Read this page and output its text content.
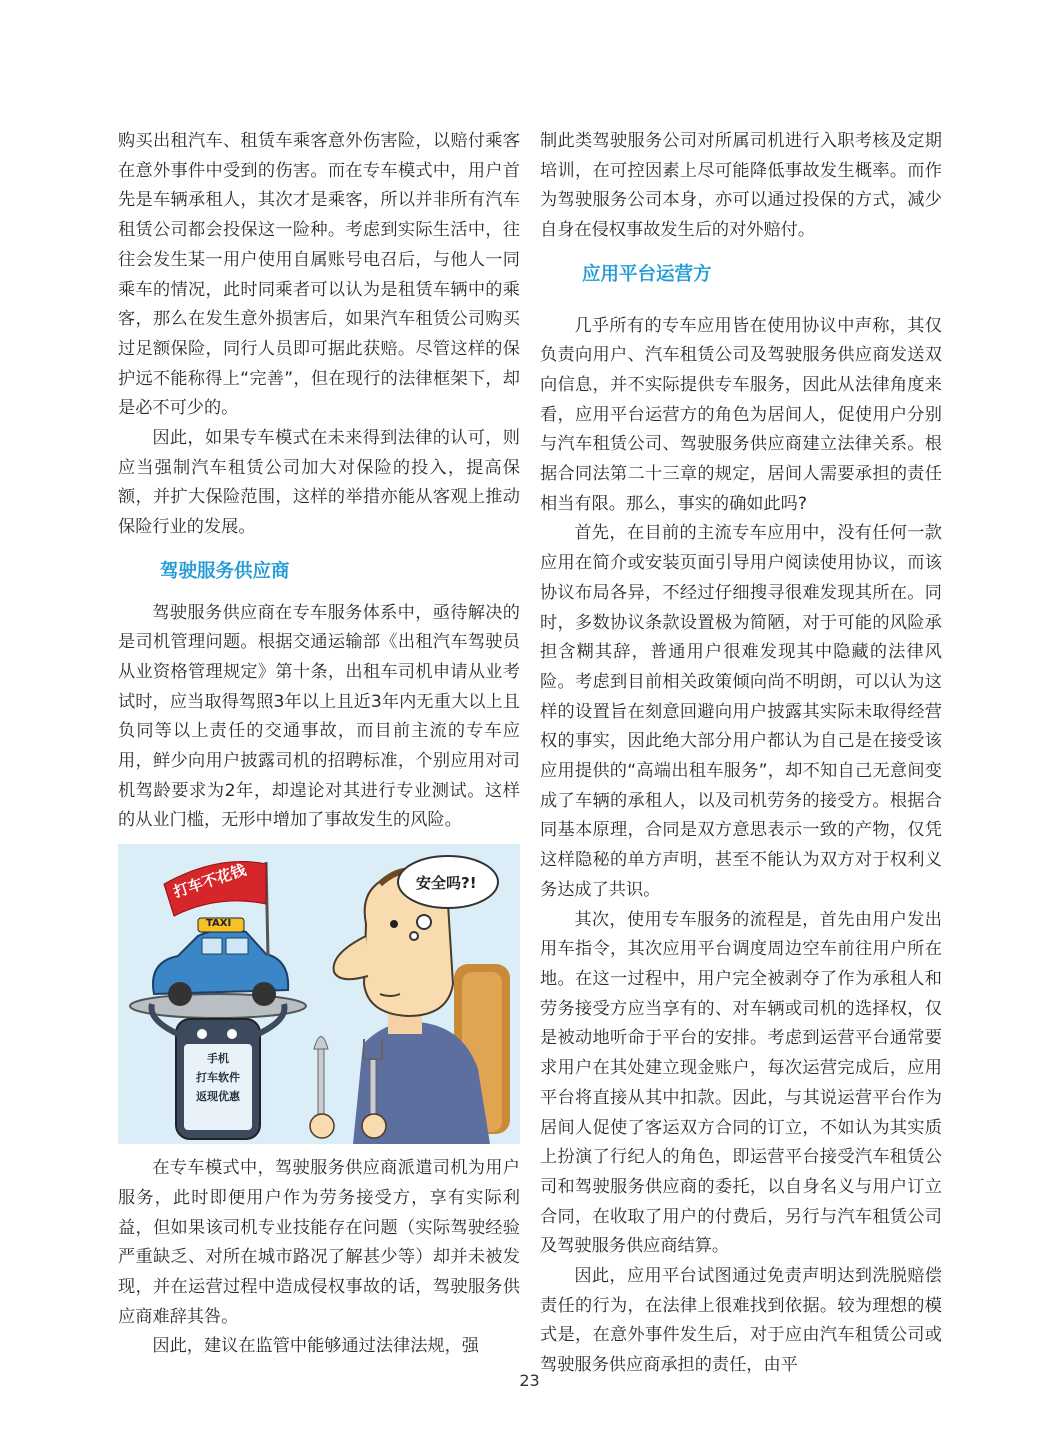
购买出租汽车、租赁车乘客意外伤害险，以赔付乘客在意外事件中受到的伤害。而在专车模式中，用户首先是车辆承租人，其次才是乘客，所以并非所有汽车租赁公司都会投保这一险种。考虑到实际生活中，往往会发生某一用户使用自属账号电召后，与他人一同乘车的情况，此时同乘者可以认为是租赁车辆中的乘客，那么在发生意外损害后，如果汽车租赁公司购买过足额保险，同行人员即可据此获赔。尽管这样的保护远不能称得上“完善”，但在现行的法律框架下，却是必不可少的。

因此，如果专车模式在未来得到法律的认可，则应当强制汽车租赁公司加大对保险的投入，提高保额，并扩大保险范围，这样的举措亦能从客观上推动保险行业的发展。

驾驶服务供应商

驾驶服务供应商在专车服务体系中，亟待解决的是司机管理问题。根据交通运输部《出租汽车驾驶员从业资格管理规定》第十条，出租车司机申请从业考试时，应当取得驾照3年以上且近3年内无重大以上且负同等以上责任的交通事故，而目前主流的专车应用，鲜少向用户披露司机的招聘标准，个别应用对司机驾龄要求为2年，却遑论对其进行专业测试。这样的从业门槛，无形中增加了事故发生的风险。

打车不花钱
TAXI
安全吗?!
手机
打车软件
返现优惠

在专车模式中，驾驶服务供应商派遣司机为用户服务，此时即便用户作为劳务接受方，享有实际利益，但如果该司机专业技能存在问题（实际驾驶经验严重缺乏、对所在城市路况了解甚少等）却并未被发现，并在运营过程中造成侵权事故的话，驾驶服务供应商难辞其咎。

因此，建议在监管中能够通过法律法规，强

制此类驾驶服务公司对所属司机进行入职考核及定期培训，在可控因素上尽可能降低事故发生概率。而作为驾驶服务公司本身，亦可以通过投保的方式，减少自身在侵权事故发生后的对外赔付。

应用平台运营方

几乎所有的专车应用皆在使用协议中声称，其仅负责向用户、汽车租赁公司及驾驶服务供应商发送双向信息，并不实际提供专车服务，因此从法律角度来看，应用平台运营方的角色为居间人，促使用户分别与汽车租赁公司、驾驶服务供应商建立法律关系。根据合同法第二十三章的规定，居间人需要承担的责任相当有限。那么，事实的确如此吗?

首先，在目前的主流专车应用中，没有任何一款应用在简介或安装页面引导用户阅读使用协议，而该协议布局各异，不经过仔细搜寻很难发现其所在。同时，多数协议条款设置极为简陋，对于可能的风险承担含糊其辞，普通用户很难发现其中隐藏的法律风险。考虑到目前相关政策倾向尚不明朗，可以认为这样的设置旨在刻意回避向用户披露其实际未取得经营权的事实，因此绝大部分用户都认为自己是在接受该应用提供的“高端出租车服务”，却不知自己无意间变成了车辆的承租人，以及司机劳务的接受方。根据合同基本原理，合同是双方意思表示一致的产物，仅凭这样隐秘的单方声明，甚至不能认为双方对于权利义务达成了共识。

其次，使用专车服务的流程是，首先由用户发出用车指令，其次应用平台调度周边空车前往用户所在地。在这一过程中，用户完全被剥夺了作为承租人和劳务接受方应当享有的、对车辆或司机的选择权，仅是被动地听命于平台的安排。考虑到运营平台通常要求用户在其处建立现金账户，每次运营完成后，应用平台将直接从其中扣款。因此，与其说运营平台作为居间人促使了客运双方合同的订立，不如认为其实质上扮演了行纪人的角色，即运营平台接受汽车租赁公司和驾驶服务供应商的委托，以自身名义与用户订立合同，在收取了用户的付费后，另行与汽车租赁公司及驾驶服务供应商结算。

因此，应用平台试图通过免责声明达到洗脱赔偿责任的行为，在法律上很难找到依据。较为理想的模式是，在意外事件发生后，对于应由汽车租赁公司或驾驶服务供应商承担的责任，由平

23
